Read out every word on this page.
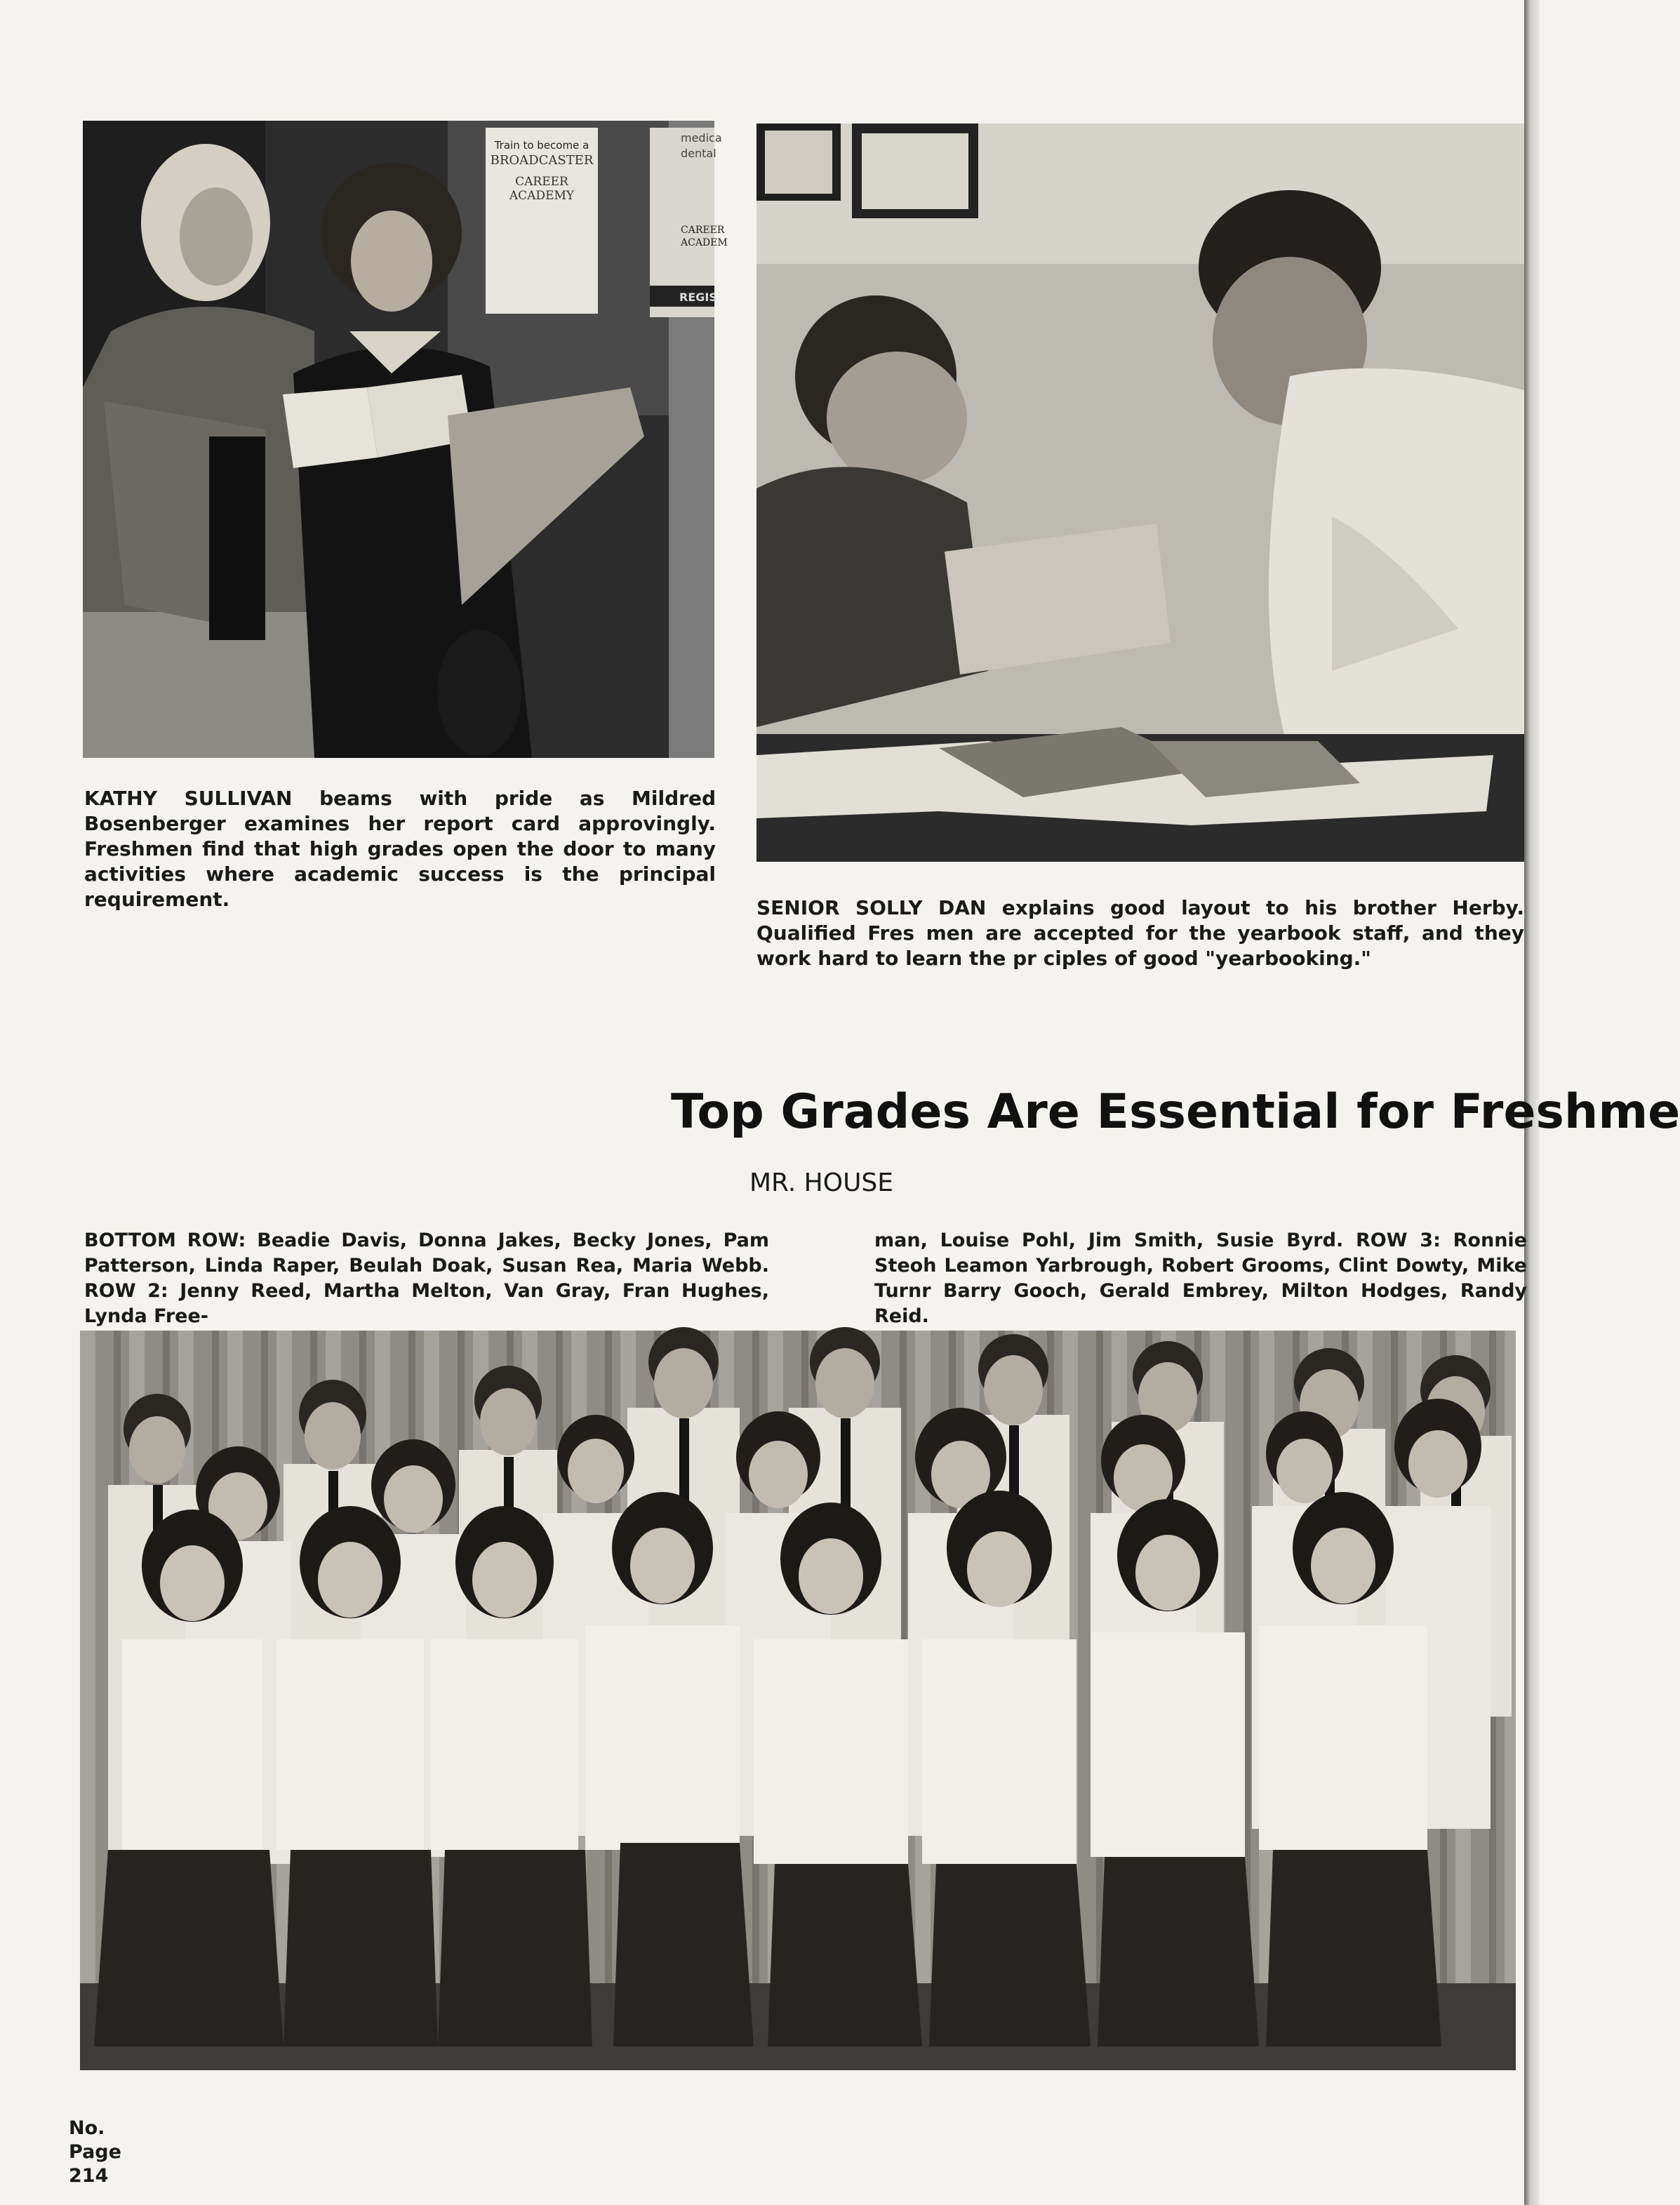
Train to become a
BROADCASTER
CAREER
ACADEMY
medica
dental
CAREER
ACADEM
REGIS
KATHY SULLIVAN beams with pride as Mildred Bosenberger examines her report card approvingly. Freshmen find that high grades open the door to many activities where academic success is the principal requirement.	SENIOR SOLLY DAN explains good layout to his brother Herby. Qualified Fres men are accepted for the yearbook staff, and they work hard to learn the pr ciples of good "yearbooking."
Top Grades Are Essential for Freshme
MR. HOUSE
BOTTOM ROW: Beadie Davis, Donna Jakes, Becky Jones, Pam Patterson, Linda Raper, Beulah Doak, Susan Rea, Maria Webb. ROW 2: Jenny Reed, Martha Melton, Van Gray, Fran Hughes, Lynda Free-
man, Louise Pohl, Jim Smith, Susie Byrd. ROW 3: Ronnie Steoh Leamon Yarbrough, Robert Grooms, Clint Dowty, Mike Turnr Barry Gooch, Gerald Embrey, Milton Hodges, Randy Reid.
No.
Page
214
